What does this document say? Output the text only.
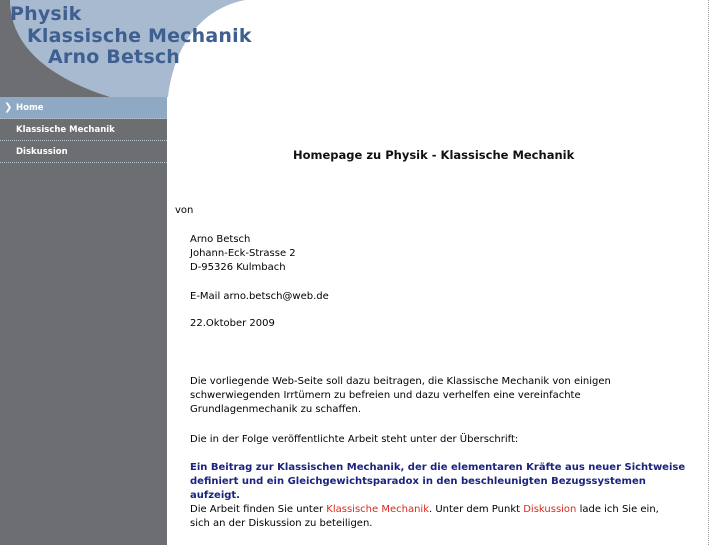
Physik
Klassische Mechanik
Arno Betsch
❯ Home
Klassische Mechanik
Diskussion	Homepage zu Physik - Klassische Mechanik
von
Arno Betsch
Johann-Eck-Strasse 2
D-95326 Kulmbach
E-Mail arno.betsch@web.de
22.Oktober 2009
Die vorliegende Web-Seite soll dazu beitragen, die Klassische Mechanik von einigen schwerwiegenden Irrtümern zu befreien und dazu verhelfen eine vereinfachte Grundlagenmechanik zu schaffen.
Die in der Folge veröffentlichte Arbeit steht unter der Überschrift:
Ein Beitrag zur Klassischen Mechanik, der die elementaren Kräfte aus neuer Sichtweise definiert und ein Gleichgewichtsparadox in den beschleunigten Bezugssystemen aufzeigt.
Die Arbeit finden Sie unter Klassische Mechanik. Unter dem Punkt Diskussion lade ich Sie ein, sich an der Diskussion zu beteiligen.
